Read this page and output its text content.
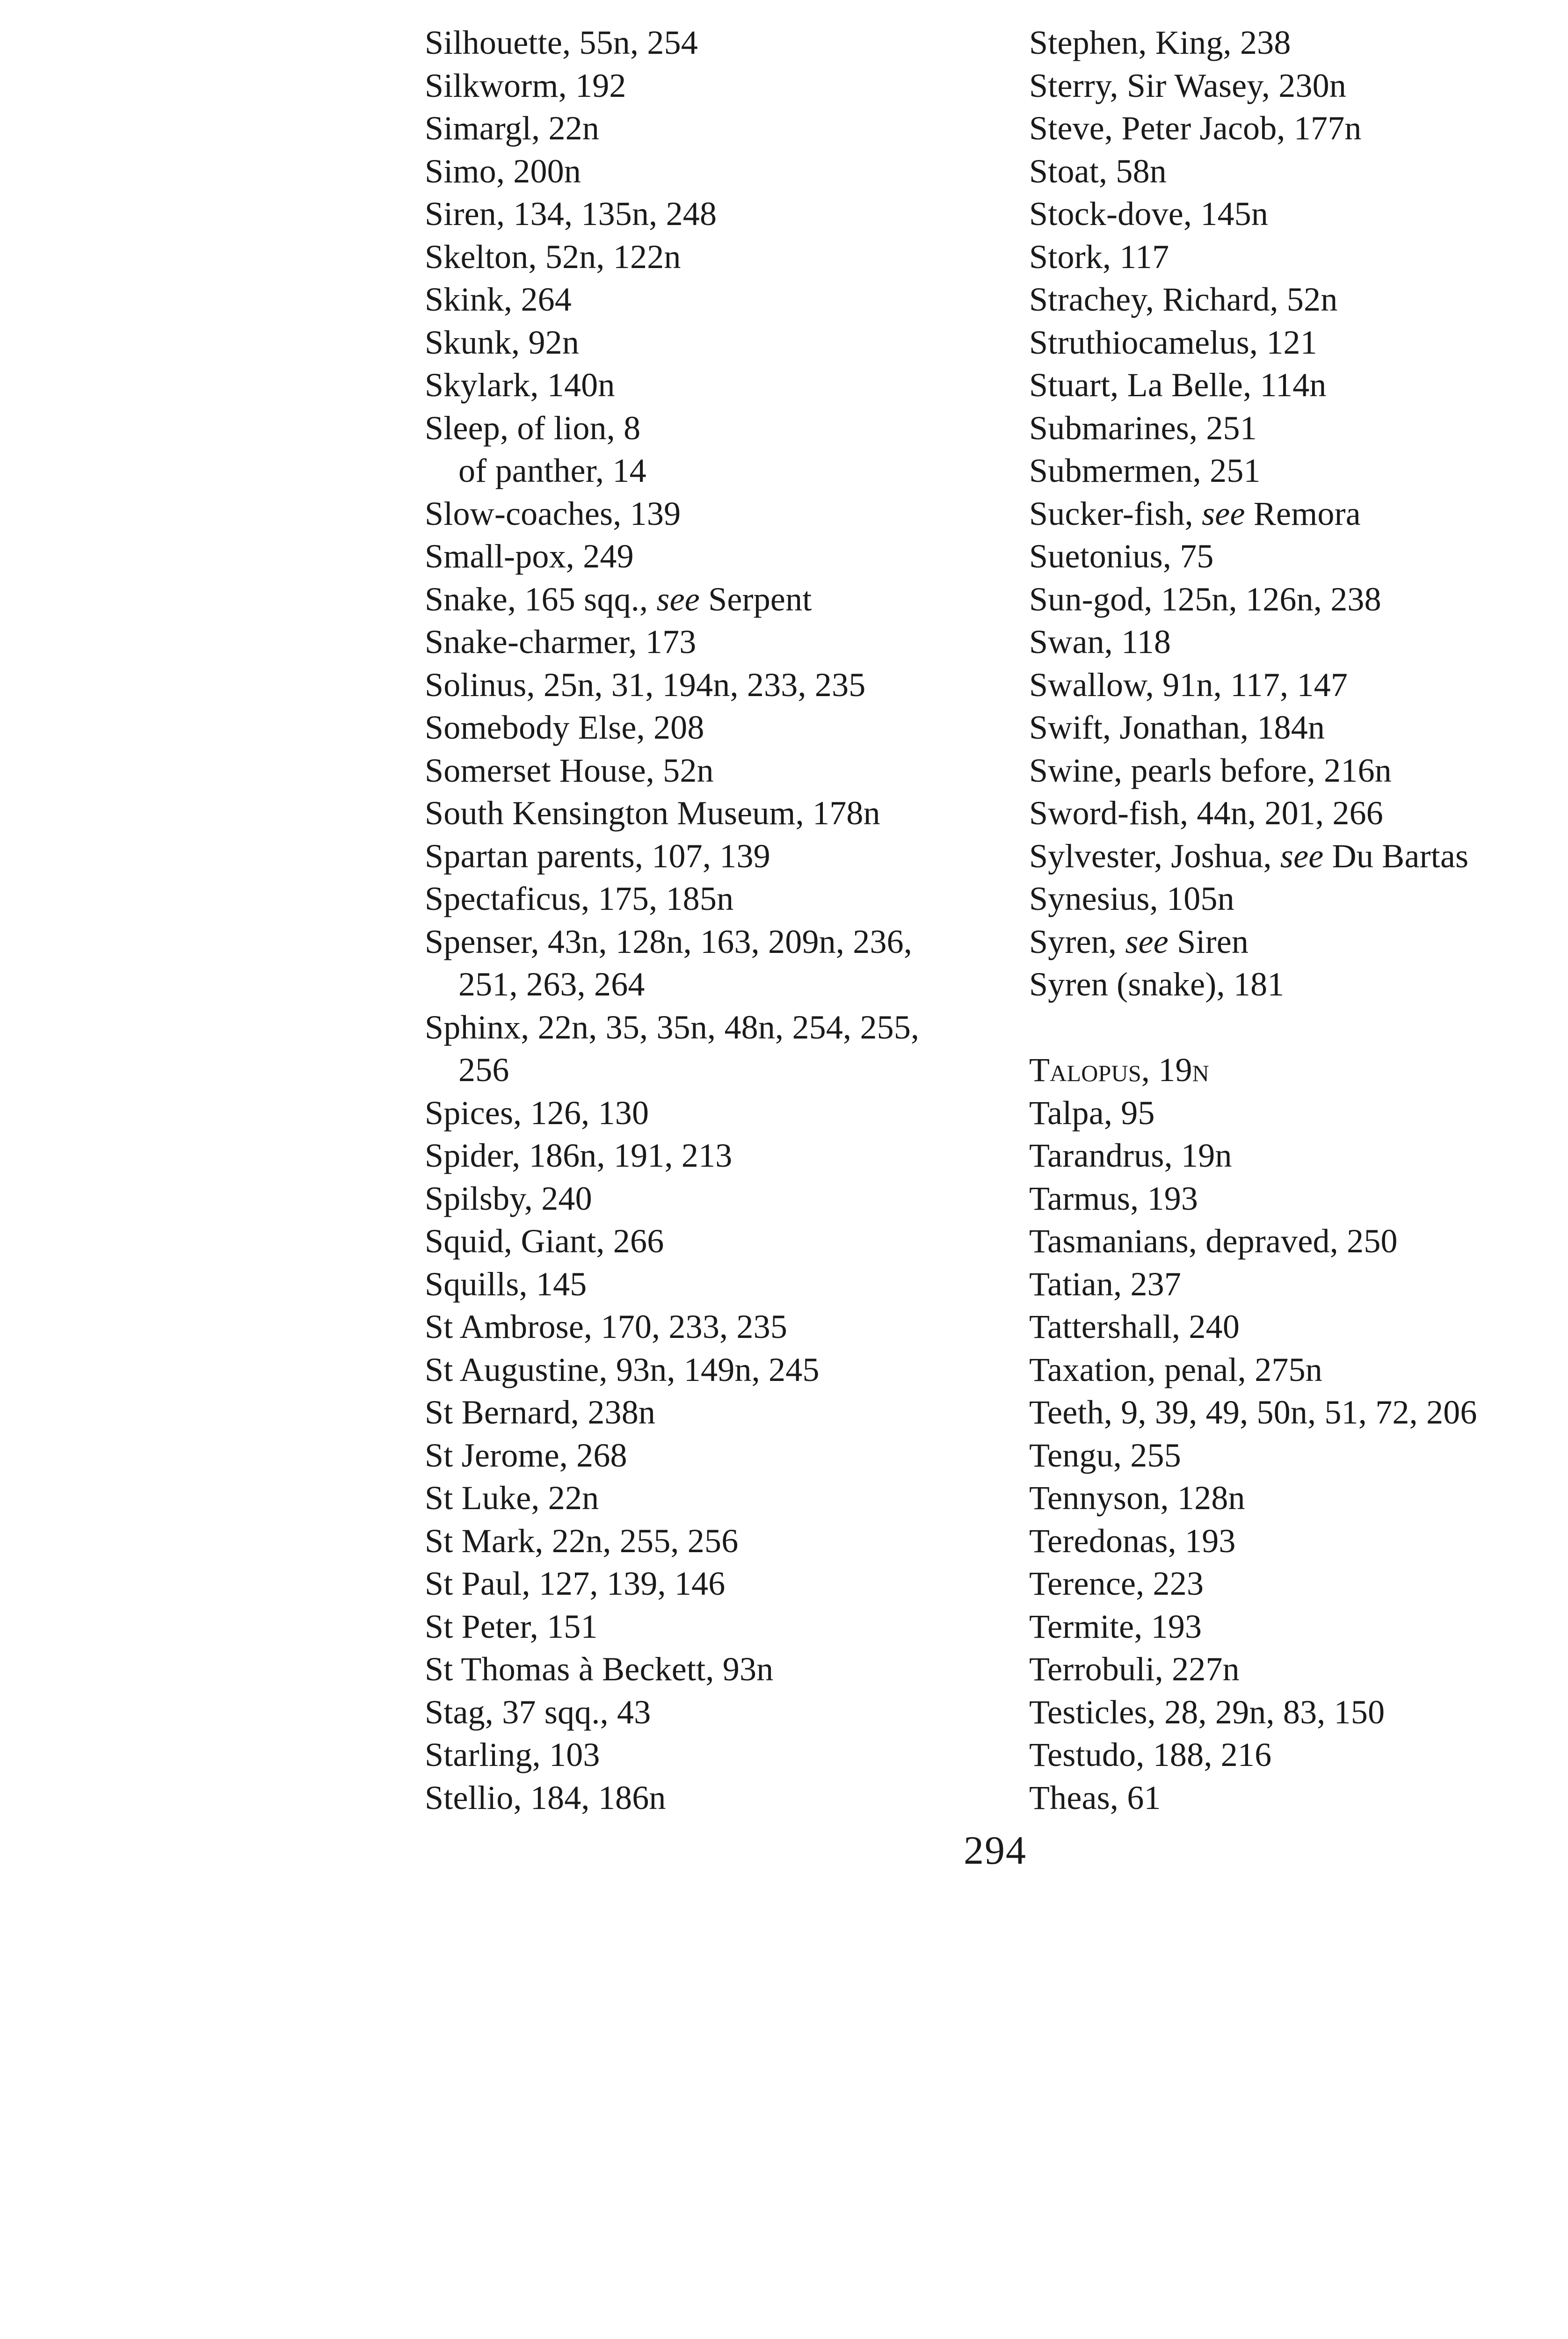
Silhouette, 55n, 254
Silkworm, 192
Simargl, 22n
Simo, 200n
Siren, 134, 135n, 248
Skelton, 52n, 122n
Skink, 264
Skunk, 92n
Skylark, 140n
Sleep, of lion, 8
of panther, 14
Slow-coaches, 139
Small-pox, 249
Snake, 165 sqq., see Serpent
Snake-charmer, 173
Solinus, 25n, 31, 194n, 233, 235
Somebody Else, 208
Somerset House, 52n
South Kensington Museum, 178n
Spartan parents, 107, 139
Spectaficus, 175, 185n
Spenser, 43n, 128n, 163, 209n, 236,
251, 263, 264
Sphinx, 22n, 35, 35n, 48n, 254, 255,
256
Spices, 126, 130
Spider, 186n, 191, 213
Spilsby, 240
Squid, Giant, 266
Squills, 145
St Ambrose, 170, 233, 235
St Augustine, 93n, 149n, 245
St Bernard, 238n
St Jerome, 268
St Luke, 22n
St Mark, 22n, 255, 256
St Paul, 127, 139, 146
St Peter, 151
St Thomas à Beckett, 93n
Stag, 37 sqq., 43
Starling, 103
Stellio, 184, 186n
Stephen, King, 238
Sterry, Sir Wasey, 230n
Steve, Peter Jacob, 177n
Stoat, 58n
Stock-dove, 145n
Stork, 117
Strachey, Richard, 52n
Struthiocamelus, 121
Stuart, La Belle, 114n
Submarines, 251
Submermen, 251
Sucker-fish, see Remora
Suetonius, 75
Sun-god, 125n, 126n, 238
Swan, 118
Swallow, 91n, 117, 147
Swift, Jonathan, 184n
Swine, pearls before, 216n
Sword-fish, 44n, 201, 266
Sylvester, Joshua, see Du Bartas
Synesius, 105n
Syren, see Siren
Syren (snake), 181
Talopus, 19n
Talpa, 95
Tarandrus, 19n
Tarmus, 193
Tasmanians, depraved, 250
Tatian, 237
Tattershall, 240
Taxation, penal, 275n
Teeth, 9, 39, 49, 50n, 51, 72, 206
Tengu, 255
Tennyson, 128n
Teredonas, 193
Terence, 223
Termite, 193
Terrobuli, 227n
Testicles, 28, 29n, 83, 150
Testudo, 188, 216
Theas, 61
294
